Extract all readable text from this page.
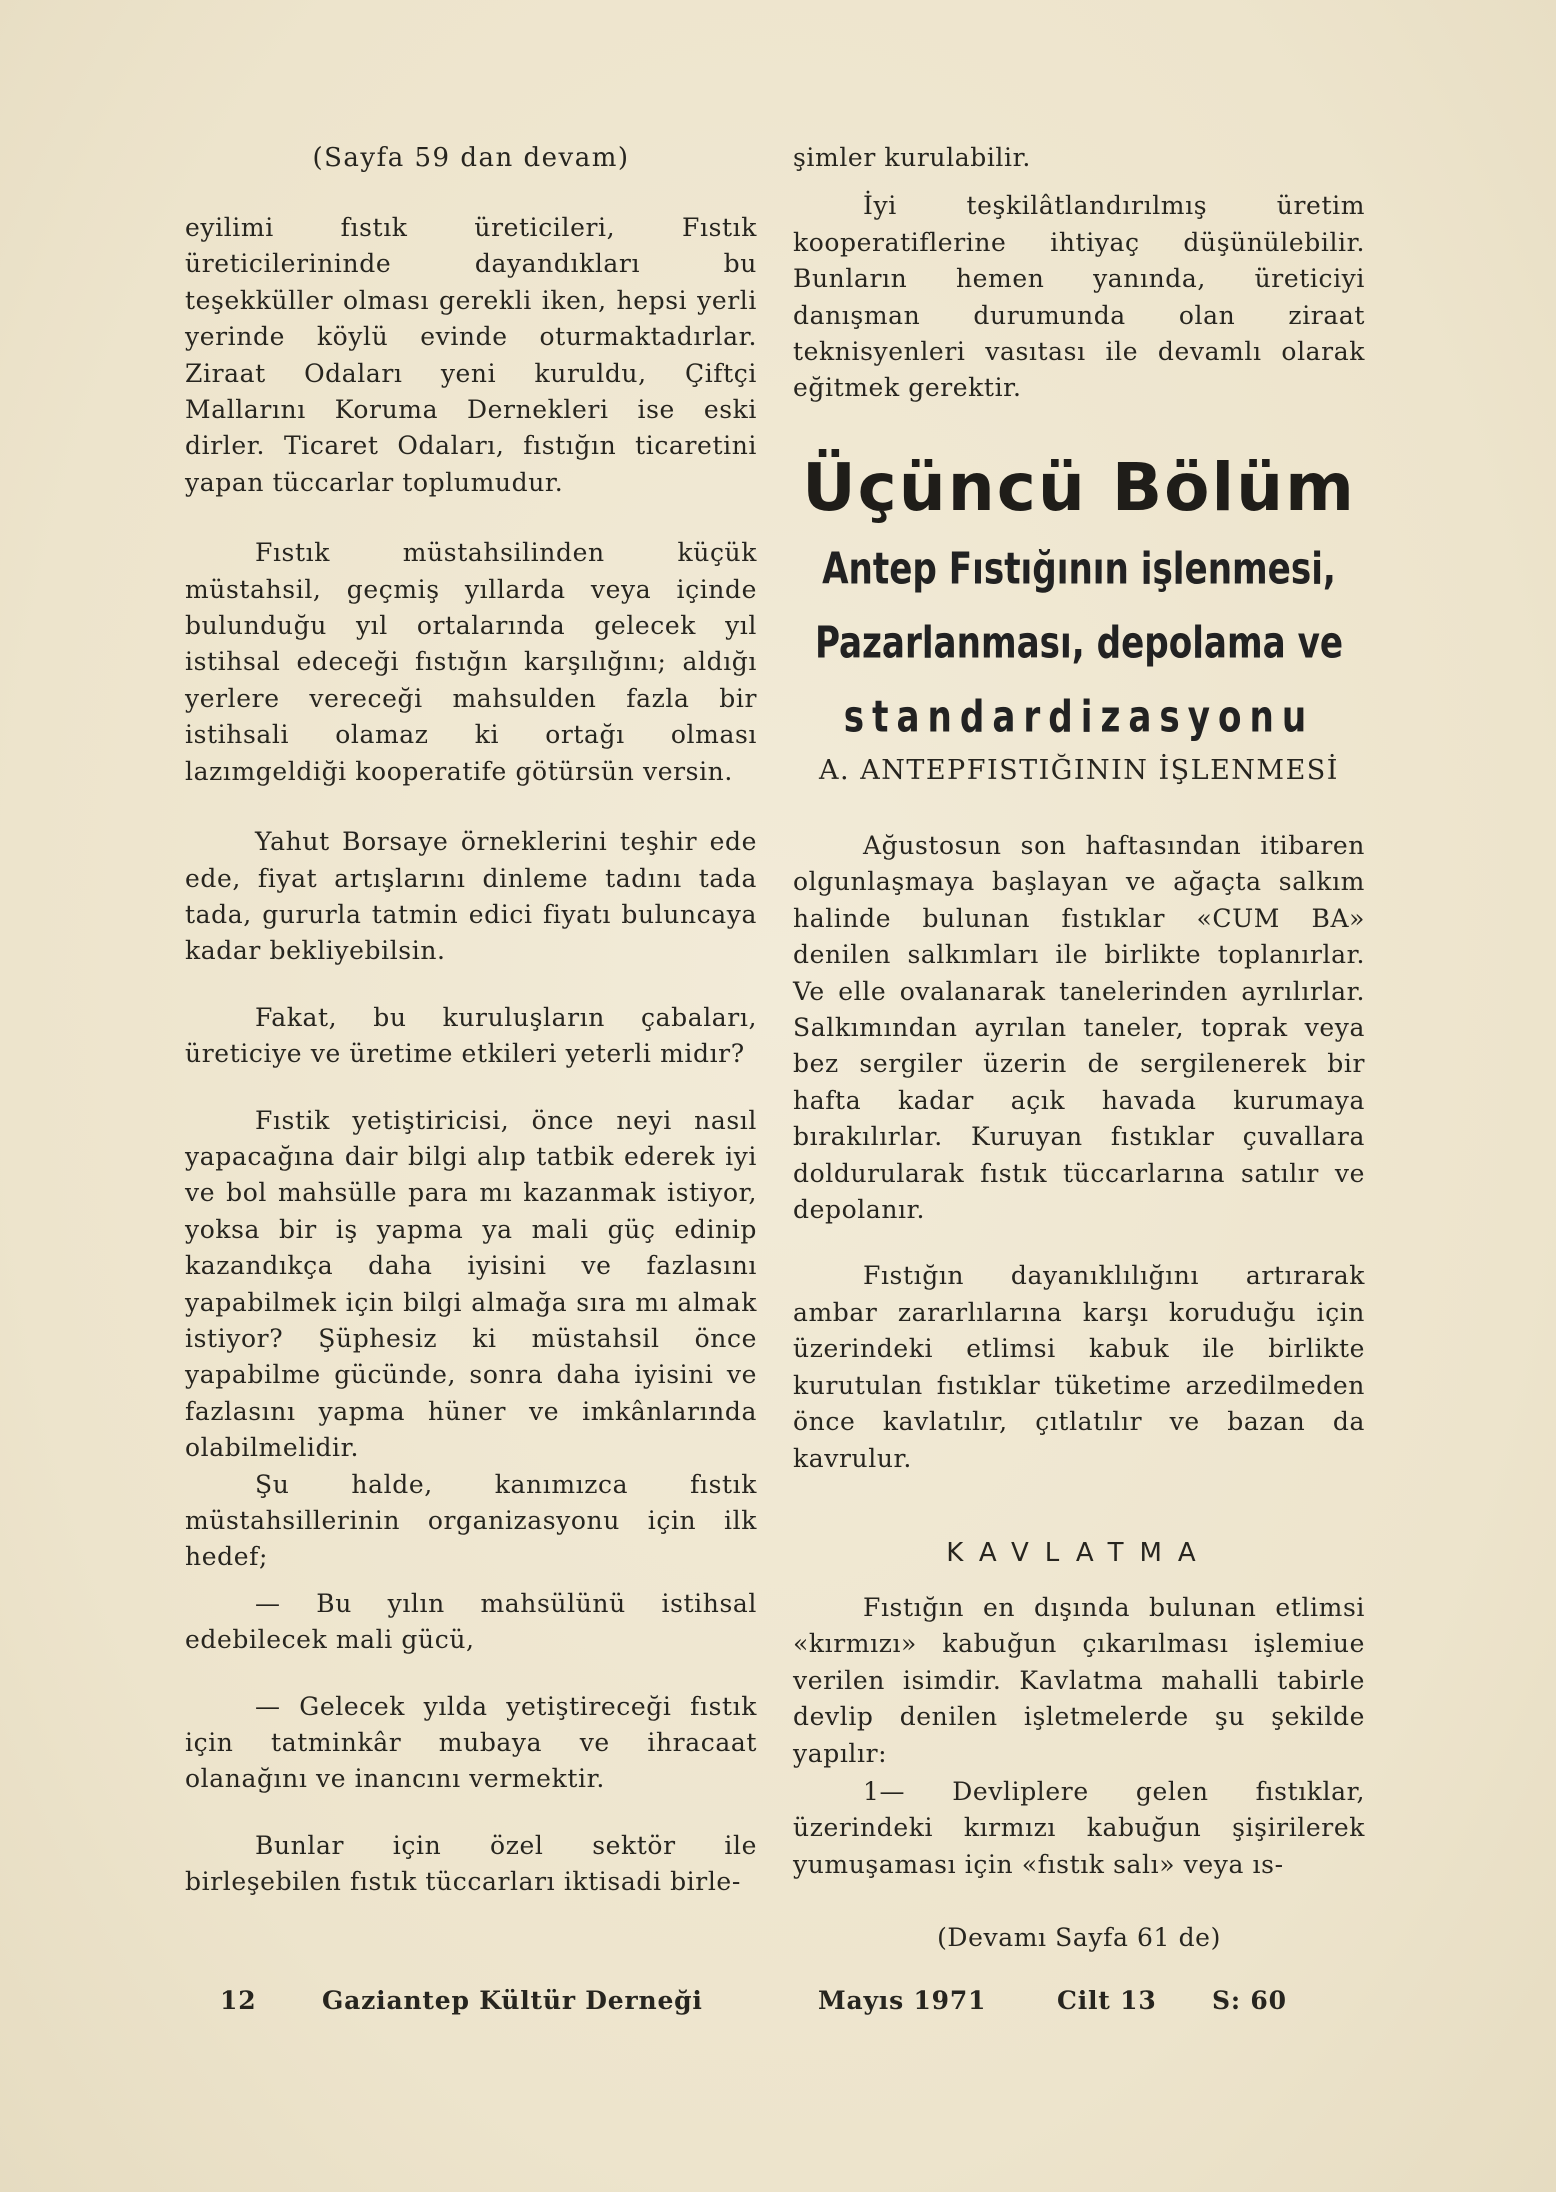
(Sayfa 59 dan devam)

eyilimi fıstık üreticileri, Fıstık üreticilerininde dayandıkları bu teşekküller olması gerekli iken, hepsi yerli yerinde köylü evinde oturmaktadırlar. Ziraat Odaları yeni kuruldu, Çiftçi Mallarını Koruma Dernekleri ise eski dirler. Ticaret Odaları, fıstığın ticaretini yapan tüccarlar toplumudur.

Fıstık müstahsilinden küçük müstahsil, geçmiş yıllarda veya içinde bulunduğu yıl ortalarında gelecek yıl istihsal edeceği fıstığın karşılığını; aldığı yerlere vereceği mahsulden fazla bir istihsali olamaz ki ortağı olması lazımgeldiği kooperatife götürsün versin.

Yahut Borsaye örneklerini teşhir ede ede, fiyat artışlarını dinleme tadını tada tada, gururla tatmin edici fiyatı buluncaya kadar bekliyebilsin.

Fakat, bu kuruluşların çabaları, üreticiye ve üretime etkileri yeterli midır?

Fıstik yetiştiricisi, önce neyi nasıl yapacağına dair bilgi alıp tatbik ederek iyi ve bol mahsülle para mı kazanmak istiyor, yoksa bir iş yapma ya mali güç edinip kazandıkça daha iyisini ve fazlasını yapabilmek için bilgi almağa sıra mı almak istiyor? Şüphesiz ki müstahsil önce yapabilme gücünde, sonra daha iyisini ve fazlasını yapma hüner ve imkânlarında olabilmelidir.

Şu halde, kanımızca fıstık müstahsillerinin organizasyonu için ilk hedef;

— Bu yılın mahsülünü istihsal edebilecek mali gücü,

— Gelecek yılda yetiştireceği fıstık için tatminkâr mubaya ve ihracaat olanağını ve inancını vermektir.

Bunlar için özel sektör ile birleşebilen fıstık tüccarları iktisadi birle-

şimler kurulabilir.

İyi teşkilâtlandırılmış üretim kooperatiflerine ihtiyaç düşünülebilir. Bunların hemen yanında, üreticiyi danışman durumunda olan ziraat teknisyenleri vasıtası ile devamlı olarak eğitmek gerektir.

Üçüncü Bölüm
Antep Fıstığının işlenmesi,
Pazarlanması, depolama ve
standardizasyonu
A. ANTEPFISTIĞININ İŞLENMESİ

Ağustosun son haftasından itibaren olgunlaşmaya başlayan ve ağaçta salkım halinde bulunan fıstıklar «CUM BA» denilen salkımları ile birlikte toplanırlar. Ve elle ovalanarak tanelerinden ayrılırlar. Salkımından ayrılan taneler, toprak veya bez sergiler üzerin de sergilenerek bir hafta kadar açık havada kurumaya bırakılırlar. Kuruyan fıstıklar çuvallara doldurularak fıstık tüccarlarına satılır ve depolanır.

Fıstığın dayanıklılığını artırarak ambar zararlılarına karşı koruduğu için üzerindeki etlimsi kabuk ile birlikte kurutulan fıstıklar tüketime arzedilmeden önce kavlatılır, çıtlatılır ve bazan da kavrulur.

KAVLATMA

Fıstığın en dışında bulunan etlimsi «kırmızı» kabuğun çıkarılması işlemiue verilen isimdir. Kavlatma mahalli tabirle devlip denilen işletmelerde şu şekilde yapılır:

1— Devliplere gelen fıstıklar, üzerindeki kırmızı kabuğun şişirilerek yumuşaması için «fıstık salı» veya ıs-

(Devamı Sayfa 61 de)
12	Gaziantep Kültür Derneği	Mayıs 1971	Cilt 13 S: 60
